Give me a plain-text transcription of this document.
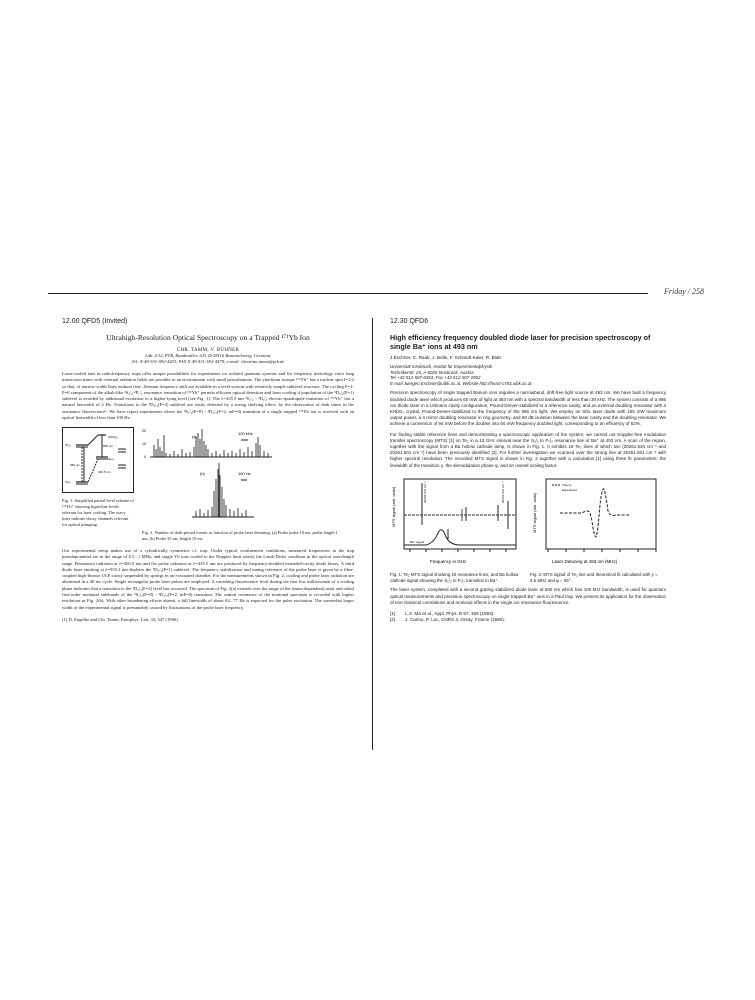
Friday / 258
12.00 QFD5 (Invited)
Ultrahigh-Resolution Optical Spectroscopy on a Trapped ¹⁷¹Yb Ion
CHR. TAMM, V. BÜHNER
Lab. 4.32, PTB, Bundesallee 100, D-38116 Braunschweig, Germany
Tel: X-49-531-592-4433, FAX X-49-531-592-4479; e-mail: christian.tamm@ptb.de
Laser-cooled ions in radiofrequency traps offer unique possibilities for experiments on isolated quantum systems and for frequency metrology since long interaction times with external radiation fields are possible in an environment with small perturbations. The ytterbium isotope ¹⁷¹Yb⁺ has a nuclear spin I=1/2 so that, of narrow-width lines without first- Zeeman frequency shift are available in a level system with relatively simple sublevel structure. The cycling F=1-F=0 component of the alkali-like ²S₁/₂-²P₁/₂ resonance transition of ¹⁷¹Yb⁺ permits efficient optical detection and laser cooling if population of the ²D₃/₂(F=1) sublevel is avoided by additional excitation to a higher-lying level (see Fig. 1). The λ=435.5 nm ²S₁/₂ - ²D₃/₂ electric-quadrupole transition of ¹⁷¹Yb⁺ has a natural linewidth of 3 Hz. Transitions to the ²D₃/₂(F=2) sublevel are easily detected by a strong shelving effect, by the observation of dark times in the resonance fluorescence¹. We have report experiments where the ²S₁/₂(F=0) - ²D₃/₂(F=2, mF=0) transition of a single trapped ¹⁷¹Yb ion is resolved with an optical linewidth of less than 100 Hz.
²P₁/₂
²[3/2]₁/₂
²D₃/₂
²S₁/₂
369 nm
935 nm
435.5 nm
Fig. 1. Simplified partial level scheme of ¹⁷¹Yb⁺ showing hyperfine levels relevant for laser cooling. The wavy lines indicate decay channels relevant for optical pumping.
20
10
0
(a)
100 kHz
(b)	100 Hz
Fig. 2. Number of dark-period events as function of probe laser detuning; (a) Probe pulse 10 ms, probe length 1 ms; (b) Probe 35 ms, length 10 ms.
Our experimental setup makes use of a cylindrically symmetric r.f. trap. Under typical confinement conditions, measured frequencies in the trap pseudopotential are in the range of 0.5...1 MHz, and single Yb ions cooled to the Doppler limit satisfy the Lamb-Dicke condition in the optical wavelength range. Resonance radiation at λ=369.5 nm and the probe radiation at λ=435.5 nm are produced by frequency-doubled extended-cavity diode lasers. A third diode laser emitting at λ=935.2 nm depletes the ²D₃/₂(F=1) sublevel. The frequency stabilization and tuning reference of the probe laser is given by a fiber-coupled high-finesse ULE cavity suspended by springs in an evacuated chamber. For the measurements shown in Fig. 2, cooling and probe laser radiation are alternated in a 40 ms cycle. Single rectangular probe laser pulses are employed. A vanishing fluorescence level during the first few milliseconds of a cooling phase indicates that a transition to the ²D₃/₂(F=2) level has occurred. The spectrum of Fig. 2(a) extends over the range of the (mass-dependent) axial and radial first-order motional sidebands of the ²S₁/₂(F=0) - ²D₃/₂(F=2, mF=0) transition. The central resonance of the motional spectrum is recorded with higher resolution in Fig. 2(b). With other broadening effects absent, a full linewidth of about 84...77 Hz is expected for the pulse excitation. The somewhat larger width of the experimental signal is presumably caused by fluctuations of the probe laser frequency.
[1] D. Engelke and Chr. Tamm, Europhys. Lett. 33, 347 (1996)
12.30 QFD6
High efficiency frequency doubled diode laser for precision spectroscopy of single Ba⁺ ions at 493 nm
J.Eschner, C. Raab, J. Bolle, F. Schmidt-Kaler, R. Blatt
Universität Innsbruck, Institut für Experimentalphysik
Technikerstr. 25, A-6020 Innsbruck, Austria
Tel +43-512-507-6353, Fax +43-512-507-2952
E-mail Juergen.Eschner@uibk.ac.at, Website http://heart-c704.uibk.ac.at
Precision spectroscopy of single trapped Barium ions requires a narrowband, drift-free light source at 493 nm. We have built a frequency doubled diode laser which produces 60 mW of light at 493 nm with a spectral bandwidth of less than 30 kHz. The system consists of a 986 nm diode laser in a Littmann cavity configuration, Pound-Drever-stabilized to a reference cavity, and an external doubling resonator with a KNbO₃ crystal, Pound-Drever-stabilized to the frequency of the 986 nm light. We employ an SDL laser diode with 150 mW maximum output power, a 4 mirror doubling resonator in ring geometry, and 60 dB isolation between the laser cavity and the doubling resonator. We achieve a conversion of 94 mW before the doubler into 60 mW frequency doubled light, corresponding to an efficiency of 63%.
For finding stable reference lines and demonstrating a spectroscopic application of the system, we carried out Doppler-free modulation transfer spectroscopy (MTS) [1] on Te₂ in a 13 GHz interval near the S₁/₂ to P₁/₂ resonance line of Ba⁺ at 493 nm. A scan of the region, together with the signal from a Ba hollow cathode lamp, is shown in Fig. 1. It exhibits 16 Te₂ lines of which two (20261.534 cm⁻¹ and 20261.601 cm⁻¹) have been previously identified [2]. For further investigation we scanned over the strong line at 20261.561 cm⁻¹ with higher spectral resolution. The recorded MTS signal is shown in Fig. 2 together with a calculation [1] using three fit parameters: the linewidth of the transition γ, the demodulation phase φ, and an overall scaling factor.
MTS signal (arb. units)
Frequency in GHz
Ba⁺ signal
20261.534 cm⁻¹	20261.601 cm⁻¹
Fig. 1: Te₂ MTS signal showing 16 resonance lines, and Ba hollow cathode signal showing the S₁/₂ to P₁/₂ transition in Ba⁺.
Theory
Experiment
MTS signal (arb. units)
Laser Detuning at 493 nm (MHz)
Fig. 2: MTS signal of Te₂ line and theoretical fit calculated with γ = 4.5 MHz and φ = 65°.
The laser system, completed with a second grating stabilized diode laser at 650 nm which has 100 kHz bandwidth, is used for quantum optical measurements and precision spectroscopy on single trapped Ba⁺ ions in a Paul trap. We present its application for the observation of non-classical correlations and motional effects in the single ion resonance fluorescence.
[1] L.S. Ma et al., Appl. Phys. B 57, 159 (1993).
[2] J. Cariou, P. Luc, CNRS 3, Orsay, France (1980).
